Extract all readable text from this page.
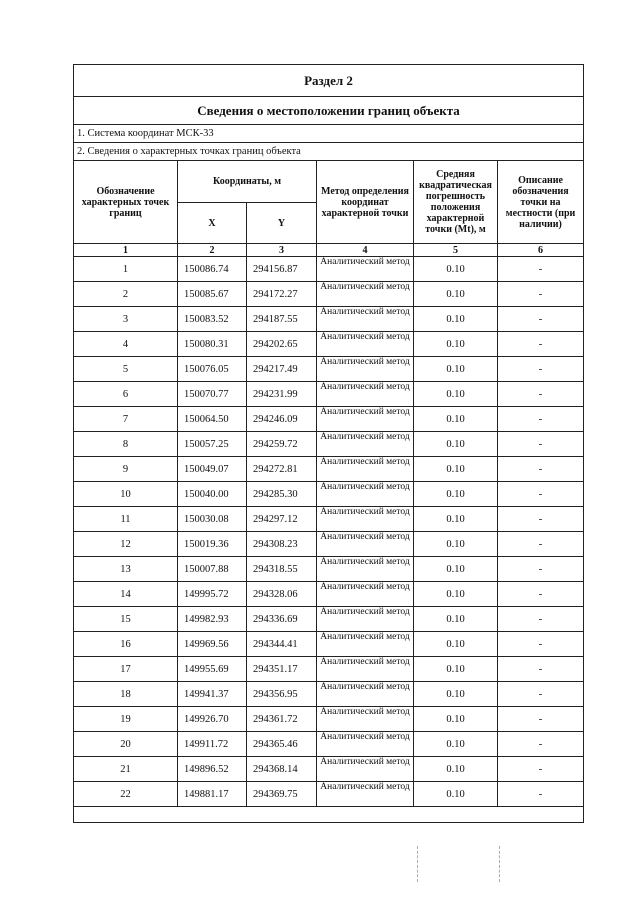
Раздел 2					
Сведения о местоположении границ объекта					
1. Система координат МСК-33					
2. Сведения о характерных точках границ объекта					
Обозначение характерных точек границ	Координаты, м		Метод определения координат характерной точки	Средняя квадратическая погрешность положения характерной точки (Mt), м	Описание обозначения точки на местности (при наличии)
	X	Y			
1	2	3	4	5	6
1	150086.74	294156.87	Аналитический метод	0.10	-
2	150085.67	294172.27	Аналитический метод	0.10	-
3	150083.52	294187.55	Аналитический метод	0.10	-
4	150080.31	294202.65	Аналитический метод	0.10	-
5	150076.05	294217.49	Аналитический метод	0.10	-
6	150070.77	294231.99	Аналитический метод	0.10	-
7	150064.50	294246.09	Аналитический метод	0.10	-
8	150057.25	294259.72	Аналитический метод	0.10	-
9	150049.07	294272.81	Аналитический метод	0.10	-
10	150040.00	294285.30	Аналитический метод	0.10	-
11	150030.08	294297.12	Аналитический метод	0.10	-
12	150019.36	294308.23	Аналитический метод	0.10	-
13	150007.88	294318.55	Аналитический метод	0.10	-
14	149995.72	294328.06	Аналитический метод	0.10	-
15	149982.93	294336.69	Аналитический метод	0.10	-
16	149969.56	294344.41	Аналитический метод	0.10	-
17	149955.69	294351.17	Аналитический метод	0.10	-
18	149941.37	294356.95	Аналитический метод	0.10	-
19	149926.70	294361.72	Аналитический метод	0.10	-
20	149911.72	294365.46	Аналитический метод	0.10	-
21	149896.52	294368.14	Аналитический метод	0.10	-
22	149881.17	294369.75	Аналитический метод	0.10	-
